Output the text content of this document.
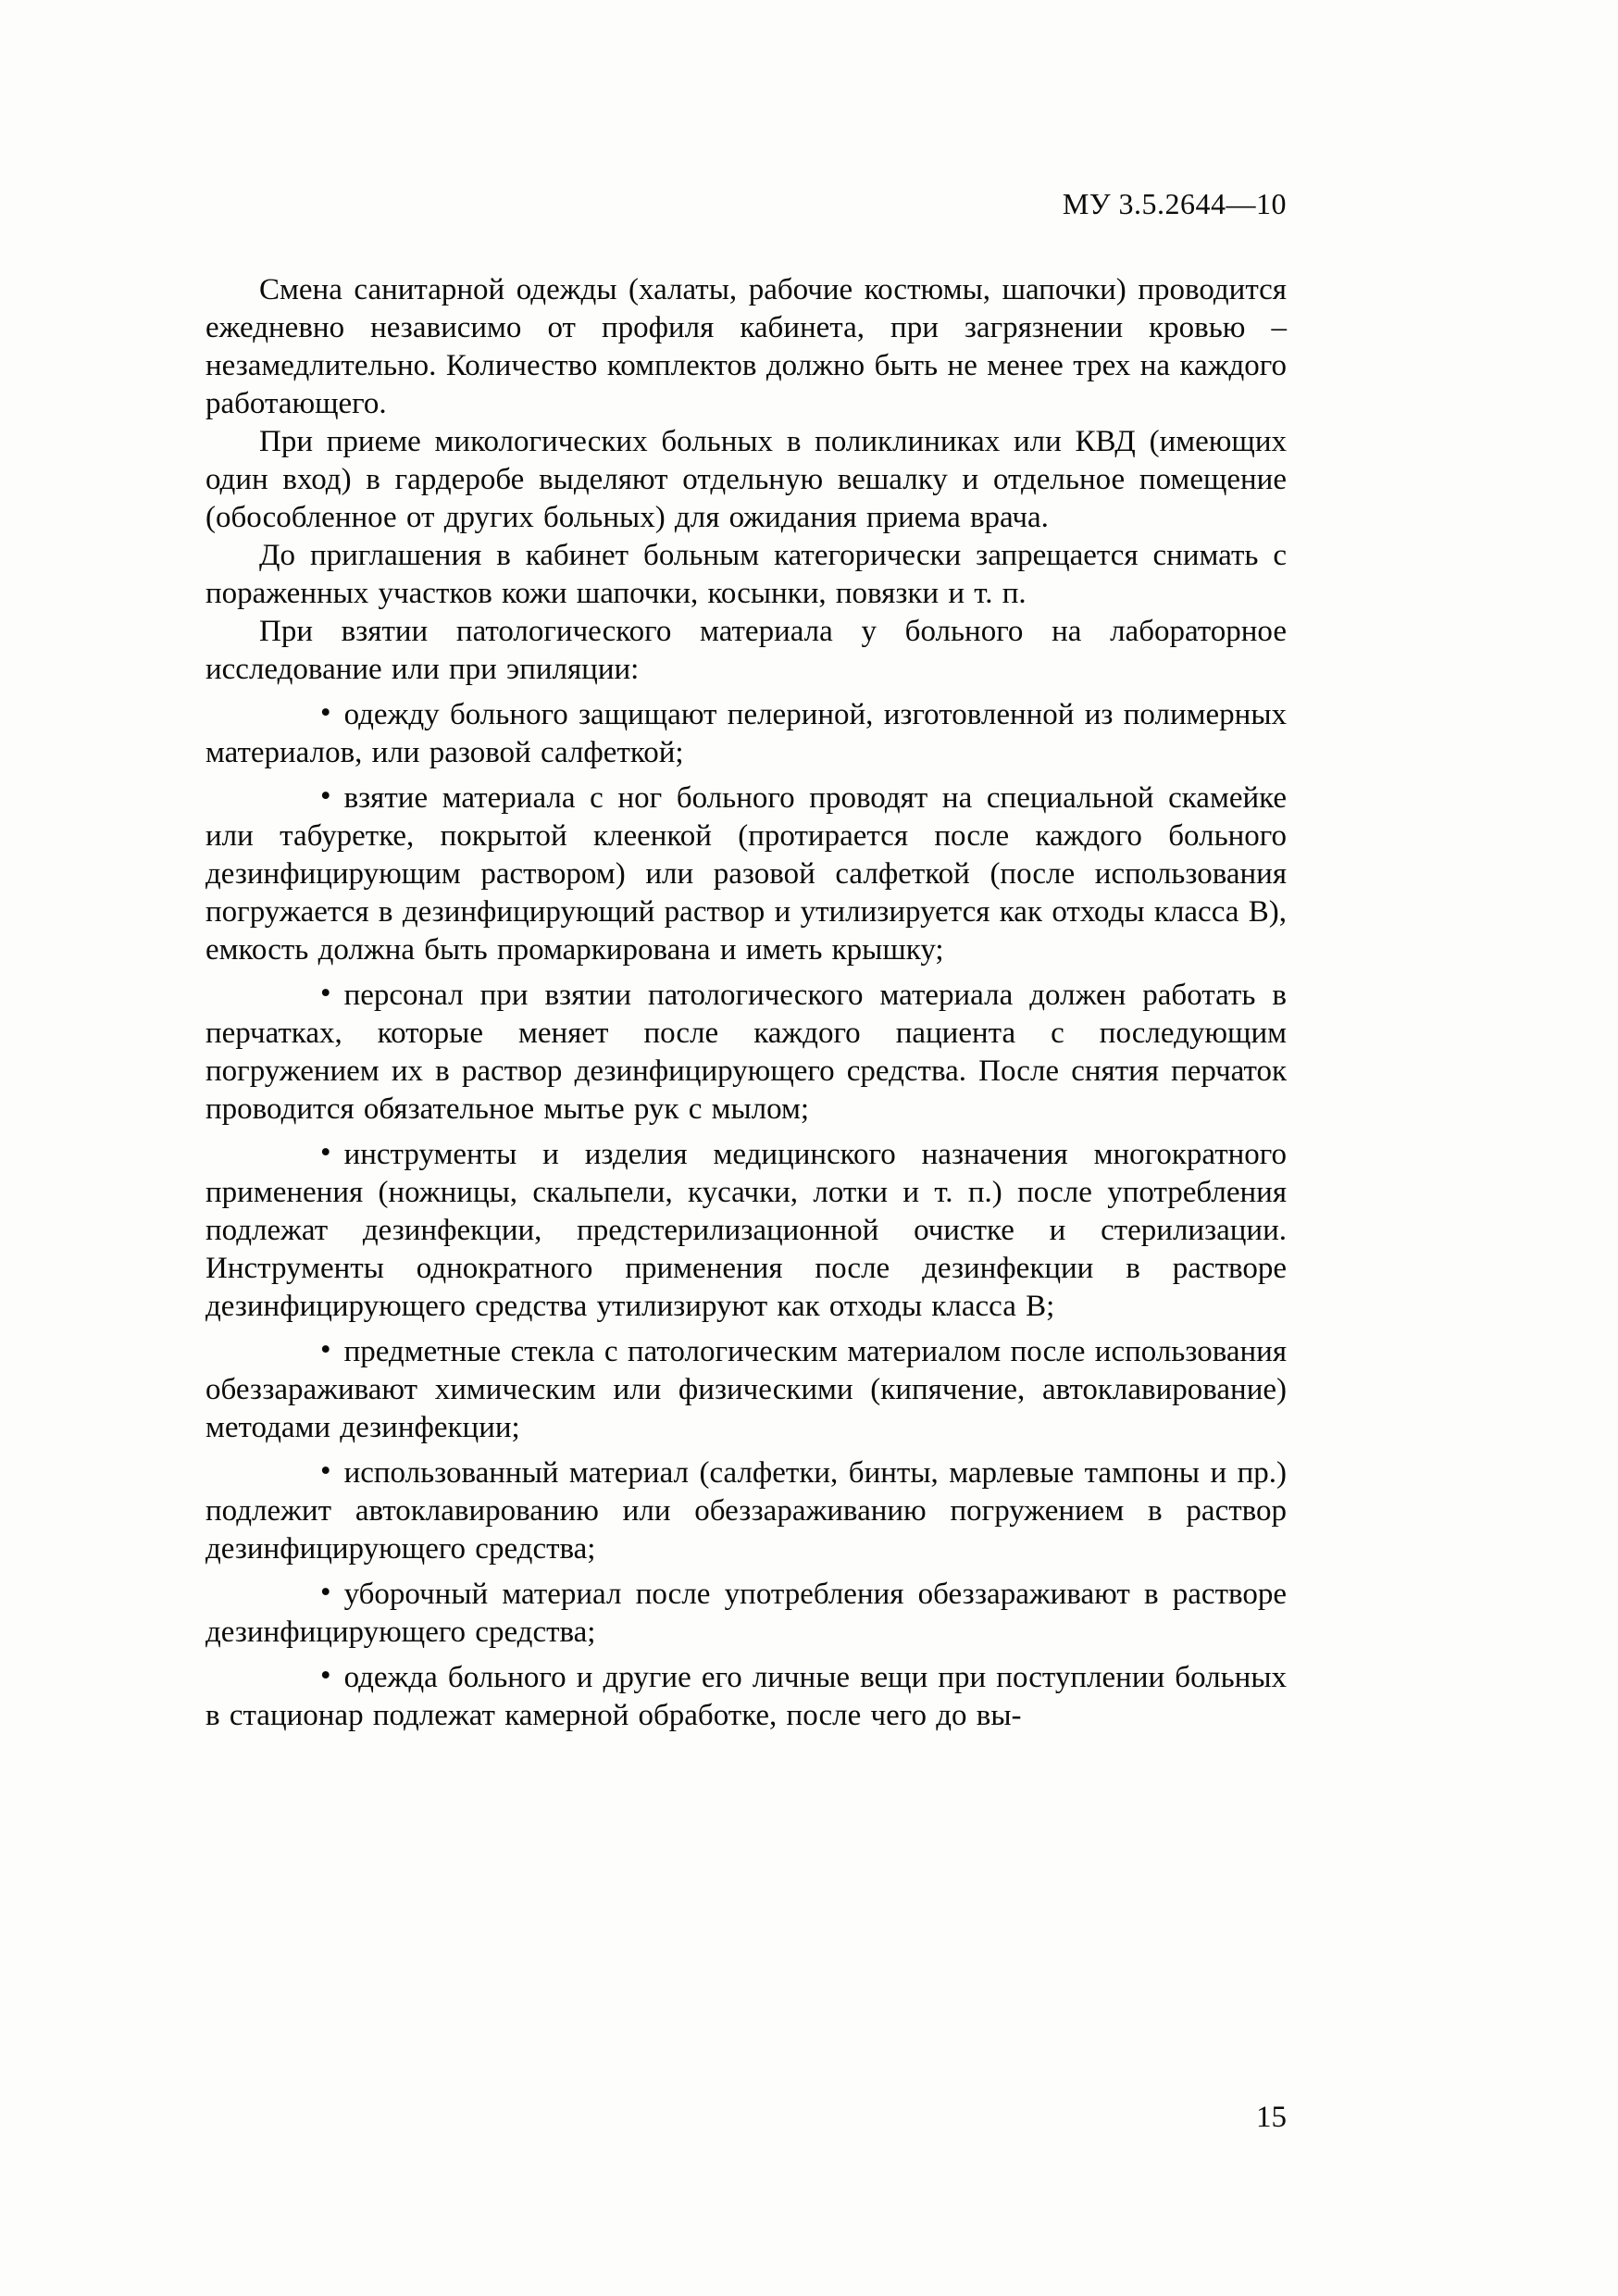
МУ 3.5.2644—10

Смена санитарной одежды (халаты, рабочие костюмы, шапочки) проводится ежедневно независимо от профиля кабинета, при загрязнении кровью – незамедлительно. Количество комплектов должно быть не менее трех на каждого работающего.

При приеме микологических больных в поликлиниках или КВД (имеющих один вход) в гардеробе выделяют отдельную вешалку и отдельное помещение (обособленное от других больных) для ожидания приема врача.

До приглашения в кабинет больным категорически запрещается снимать с пораженных участков кожи шапочки, косынки, повязки и т. п.

При взятии патологического материала у больного на лабораторное исследование или при эпиляции:

• одежду больного защищают пелериной, изготовленной из полимерных материалов, или разовой салфеткой;

• взятие материала с ног больного проводят на специальной скамейке или табуретке, покрытой клеенкой (протирается после каждого больного дезинфицирующим раствором) или разовой салфеткой (после использования погружается в дезинфицирующий раствор и утилизируется как отходы класса В), емкость должна быть промаркирована и иметь крышку;

• персонал при взятии патологического материала должен работать в перчатках, которые меняет после каждого пациента с последующим погружением их в раствор дезинфицирующего средства. После снятия перчаток проводится обязательное мытье рук с мылом;

• инструменты и изделия медицинского назначения многократного применения (ножницы, скальпели, кусачки, лотки и т. п.) после употребления подлежат дезинфекции, предстерилизационной очистке и стерилизации. Инструменты однократного применения после дезинфекции в растворе дезинфицирующего средства утилизируют как отходы класса В;

• предметные стекла с патологическим материалом после использования обеззараживают химическим или физическими (кипячение, автоклавирование) методами дезинфекции;

• использованный материал (салфетки, бинты, марлевые тампоны и пр.) подлежит автоклавированию или обеззараживанию погружением в раствор дезинфицирующего средства;

• уборочный материал после употребления обеззараживают в растворе дезинфицирующего средства;

• одежда больного и другие его личные вещи при поступлении больных в стационар подлежат камерной обработке, после чего до вы-

15
